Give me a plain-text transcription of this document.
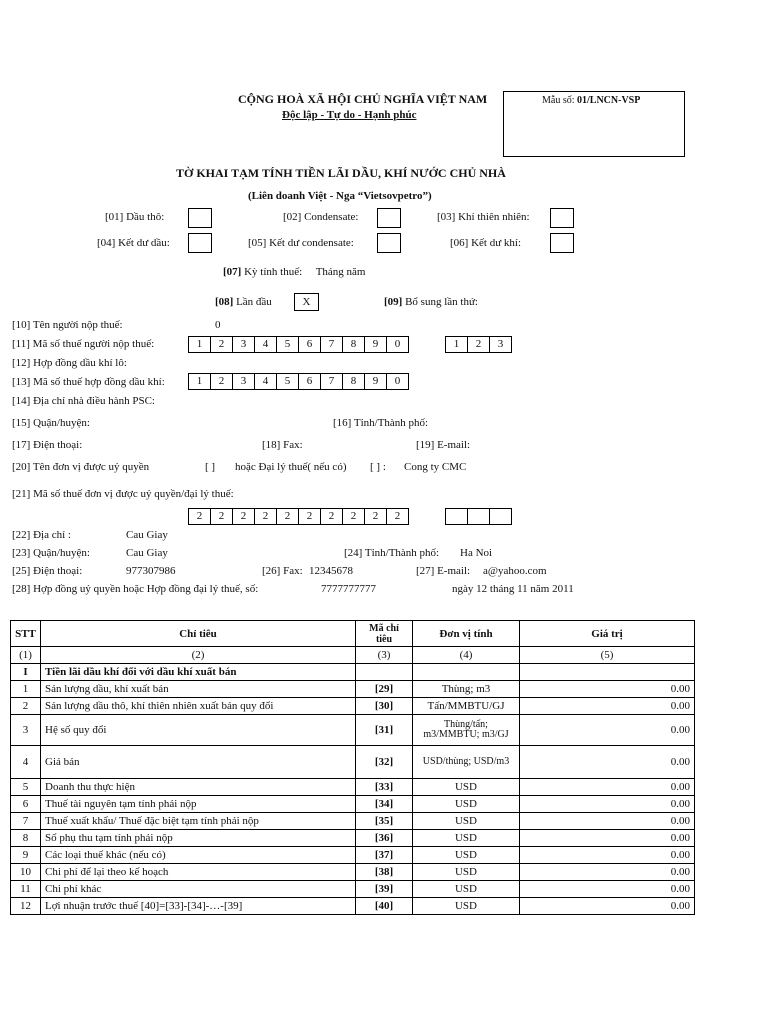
CỘNG HOÀ XÃ HỘI CHỦ NGHĨA VIỆT NAM
Độc lập - Tự do - Hạnh phúc
Mẫu số: 01/LNCN-VSP
TỜ KHAI TẠM TÍNH TIỀN LÃI DẦU, KHÍ NƯỚC CHỦ NHÀ
(Liên doanh Việt - Nga “Vietsovpetro”)
[01] Dầu thô:	[02] Condensate:	[03] Khí thiên nhiên:
[04] Kết dư dầu:	[05] Kết dư condensate:	[06] Kết dư khí:
[07] Kỳ tính thuế: Tháng năm
[08] Lần đầu	X	[09] Bổ sung lần thứ:
[10] Tên người nộp thuế:	0
[11] Mã số thuế người nộp thuế:	1	2	3	4	5	6	7	8	9	0	1	2	3
[12] Hợp đồng dầu khí lô:
[13] Mã số thuế hợp đồng dầu khí:	1	2	3	4	5	6	7	8	9	0
[14] Địa chỉ nhà điều hành PSC:
[15] Quận/huyện:	[16] Tỉnh/Thành phố:
[17] Điện thoại:	[18] Fax:	[19] E-mail:
[20] Tên đơn vị được uỷ quyền	[ ] hoặc Đại lý thuế( nếu có) [ ] : Cong ty CMC
[21] Mã số thuế đơn vị được uỷ quyền/đại lý thuế:
2	2	2	2	2	2	2	2	2	2
[22] Địa chỉ :	Cau Giay
[23] Quận/huyện:	Cau Giay	[24] Tỉnh/Thành phố: Ha Noi
[25] Điện thoại:	977307986	[26] Fax: 12345678	[27] E-mail: a@yahoo.com
[28] Hợp đồng uỷ quyền hoặc Hợp đồng đại lý thuế, số:	7777777777	ngày 12 tháng 11 năm 2011
STT	Chỉ tiêu	Mã chỉ tiêu	Đơn vị tính	Giá trị
(1)	(2)	(3)	(4)	(5)
I	Tiền lãi dầu khí đối với dầu khí xuất bán			
1	Sản lượng dầu, khí xuất bán	[29]	Thùng; m3	0.00
2	Sản lượng dầu thô, khí thiên nhiên xuất bán quy đổi	[30]	Tấn/MMBTU/GJ	0.00
3	Hệ số quy đổi	[31]	Thùng/tấn; m3/MMBTU; m3/GJ	0.00
4	Giá bán	[32]	USD/thùng; USD/m3	0.00
5	Doanh thu thực hiện	[33]	USD	0.00
6	Thuế tài nguyên tạm tính phải nộp	[34]	USD	0.00
7	Thuế xuất khẩu/ Thuế đặc biệt tạm tính phải nộp	[35]	USD	0.00
8	Số phụ thu tạm tính phải nộp	[36]	USD	0.00
9	Các loại thuế khác (nếu có)	[37]	USD	0.00
10	Chi phí để lại theo kế hoạch	[38]	USD	0.00
11	Chi phí khác	[39]	USD	0.00
12	Lợi nhuận trước thuế [40]=[33]-[34]-…-[39]	[40]	USD	0.00
